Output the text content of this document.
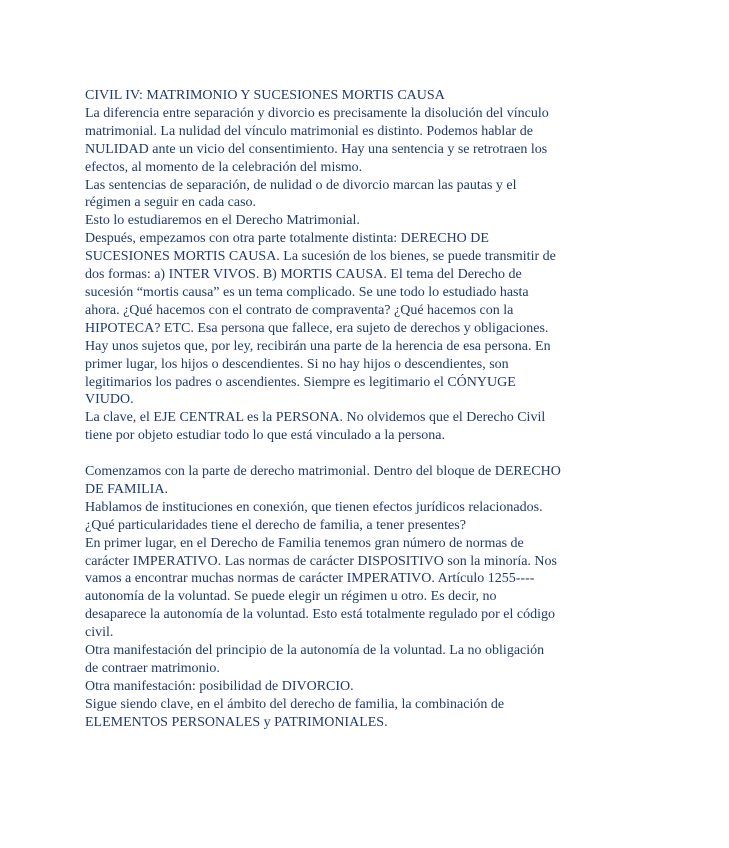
CIVIL IV: MATRIMONIO Y SUCESIONES MORTIS CAUSA
La diferencia entre separación y divorcio es precisamente la disolución del vínculo
matrimonial. La nulidad del vínculo matrimonial es distinto. Podemos hablar de
NULIDAD ante un vicio del consentimiento. Hay una sentencia y se retrotraen los
efectos, al momento de la celebración del mismo.
Las sentencias de separación, de nulidad o de divorcio marcan las pautas y el
régimen a seguir en cada caso.
Esto lo estudiaremos en el Derecho Matrimonial.
Después, empezamos con otra parte totalmente distinta: DERECHO DE
SUCESIONES MORTIS CAUSA. La sucesión de los bienes, se puede transmitir de
dos formas: a) INTER VIVOS. B) MORTIS CAUSA. El tema del Derecho de
sucesión “mortis causa” es un tema complicado. Se une todo lo estudiado hasta
ahora. ¿Qué hacemos con el contrato de compraventa? ¿Qué hacemos con la
HIPOTECA? ETC. Esa persona que fallece, era sujeto de derechos y obligaciones.
Hay unos sujetos que, por ley, recibirán una parte de la herencia de esa persona. En
primer lugar, los hijos o descendientes. Si no hay hijos o descendientes, son
legitimarios los padres o ascendientes. Siempre es legitimario el CÓNYUGE
VIUDO.
La clave, el EJE CENTRAL es la PERSONA. No olvidemos que el Derecho Civil
tiene por objeto estudiar todo lo que está vinculado a la persona.
Comenzamos con la parte de derecho matrimonial. Dentro del bloque de DERECHO
DE FAMILIA.
Hablamos de instituciones en conexión, que tienen efectos jurídicos relacionados.
¿Qué particularidades tiene el derecho de familia, a tener presentes?
En primer lugar, en el Derecho de Familia tenemos gran número de normas de
carácter IMPERATIVO. Las normas de carácter DISPOSITIVO son la minoría. Nos
vamos a encontrar muchas normas de carácter IMPERATIVO. Artículo 1255----
autonomía de la voluntad. Se puede elegir un régimen u otro. Es decir, no
desaparece la autonomía de la voluntad. Esto está totalmente regulado por el código
civil.
Otra manifestación del principio de la autonomía de la voluntad. La no obligación
de contraer matrimonio.
Otra manifestación: posibilidad de DIVORCIO.
Sigue siendo clave, en el ámbito del derecho de familia, la combinación de
ELEMENTOS PERSONALES y PATRIMONIALES.
